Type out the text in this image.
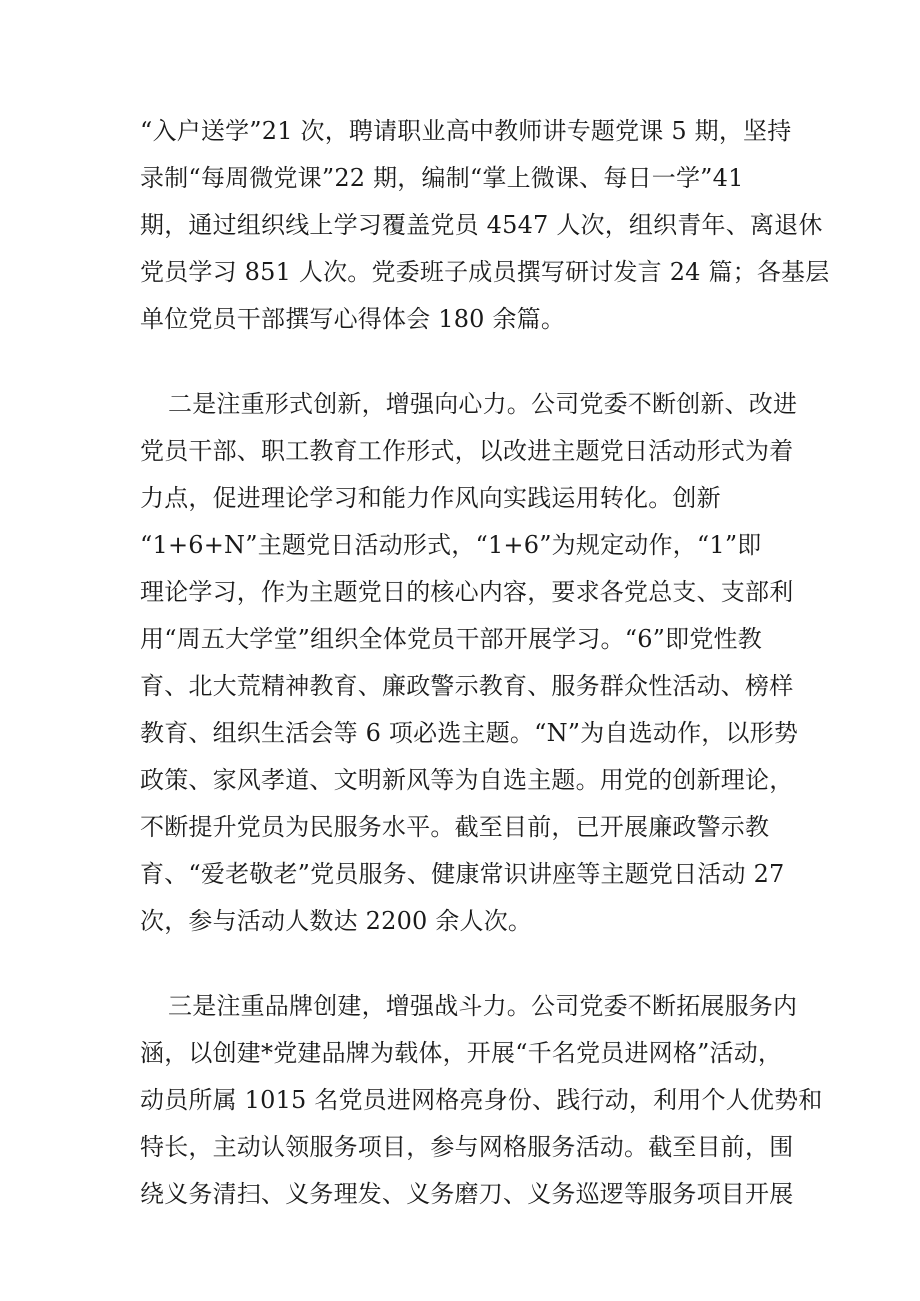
“入户送学”21 次，聘请职业高中教师讲专题党课 5 期，坚持
录制“每周微党课”22 期，编制“掌上微课、每日一学”41
期，通过组织线上学习覆盖党员 4547 人次，组织青年、离退休
党员学习 851 人次。党委班子成员撰写研讨发言 24 篇；各基层
单位党员干部撰写心得体会 180 余篇。
二是注重形式创新，增强向心力。公司党委不断创新、改进
党员干部、职工教育工作形式，以改进主题党日活动形式为着
力点，促进理论学习和能力作风向实践运用转化。创新
“1+6+N”主题党日活动形式，“1+6”为规定动作，“1”即
理论学习，作为主题党日的核心内容，要求各党总支、支部利
用“周五大学堂”组织全体党员干部开展学习。“6”即党性教
育、北大荒精神教育、廉政警示教育、服务群众性活动、榜样
教育、组织生活会等 6 项必选主题。“N”为自选动作，以形势
政策、家风孝道、文明新风等为自选主题。用党的创新理论，
不断提升党员为民服务水平。截至目前，已开展廉政警示教
育、“爱老敬老”党员服务、健康常识讲座等主题党日活动 27
次，参与活动人数达 2200 余人次。
三是注重品牌创建，增强战斗力。公司党委不断拓展服务内
涵，以创建*党建品牌为载体，开展“千名党员进网格”活动，
动员所属 1015 名党员进网格亮身份、践行动，利用个人优势和
特长，主动认领服务项目，参与网格服务活动。截至目前，围
绕义务清扫、义务理发、义务磨刀、义务巡逻等服务项目开展
